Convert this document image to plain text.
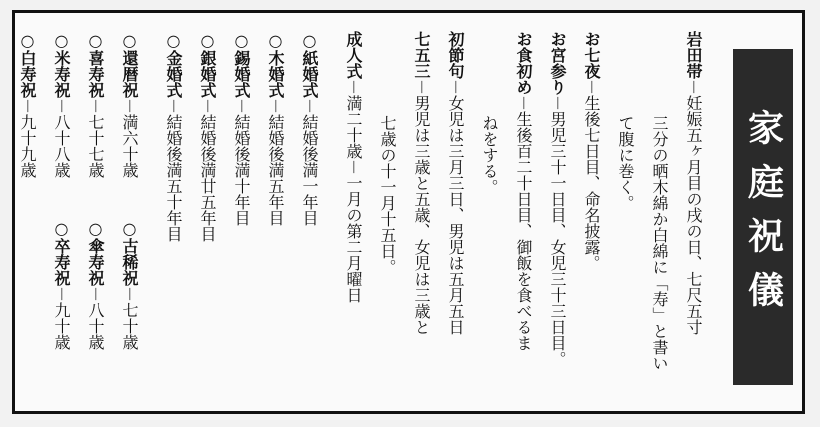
家庭祝儀
岩田帯－妊娠五ヶ月目の戌の日、七尺五寸
三分の晒木綿か白綿に「寿」と書い
て腹に巻く。
お七夜－生後七日目、命名披露。
お宮参り－男児三十一日目、女児三十三日目。
お食初め－生後百二十日目、御飯を食べるま
ねをする。
初節句－女児は三月三日、男児は五月五日
七五三－男児は三歳と五歳、女児は三歳と
七歳の十一月十五日。
成人式－満二十歳－一月の第二月曜日
○紙婚式－結婚後満一年目
○木婚式－結婚後満五年目
○錫婚式－結婚後満十年目
○銀婚式－結婚後満廿五年目
○金婚式－結婚後満五十年目
○還暦祝－満六十歳
○古稀祝－七十歳
○喜寿祝－七十七歳
○傘寿祝－八十歳
○米寿祝－八十八歳
○卒寿祝－九十歳
○白寿祝－九十九歳
